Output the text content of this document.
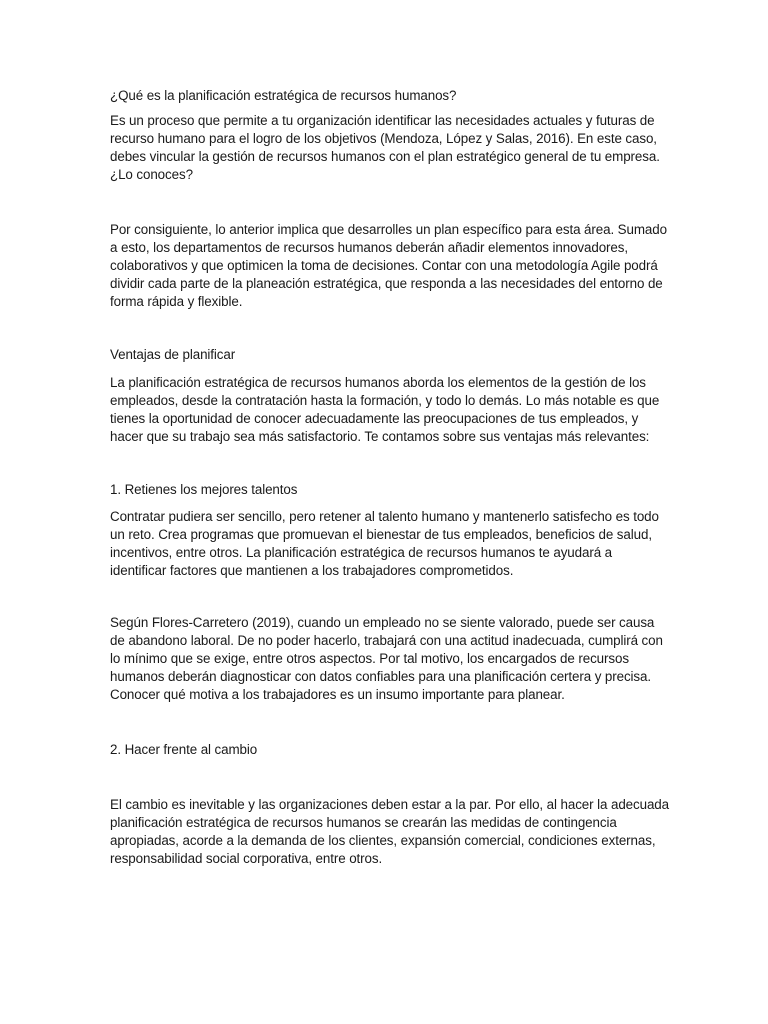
¿Qué es la planificación estratégica de recursos humanos?

Es un proceso que permite a tu organización identificar las necesidades actuales y futuras de recurso humano para el logro de los objetivos (Mendoza, López y Salas, 2016). En este caso, debes vincular la gestión de recursos humanos con el plan estratégico general de tu empresa. ¿Lo conoces?

Por consiguiente, lo anterior implica que desarrolles un plan específico para esta área. Sumado a esto, los departamentos de recursos humanos deberán añadir elementos innovadores, colaborativos y que optimicen la toma de decisiones. Contar con una metodología Agile podrá dividir cada parte de la planeación estratégica, que responda a las necesidades del entorno de forma rápida y flexible.

Ventajas de planificar

La planificación estratégica de recursos humanos aborda los elementos de la gestión de los empleados, desde la contratación hasta la formación, y todo lo demás. Lo más notable es que tienes la oportunidad de conocer adecuadamente las preocupaciones de tus empleados, y hacer que su trabajo sea más satisfactorio. Te contamos sobre sus ventajas más relevantes:

1. Retienes los mejores talentos

Contratar pudiera ser sencillo, pero retener al talento humano y mantenerlo satisfecho es todo un reto. Crea programas que promuevan el bienestar de tus empleados, beneficios de salud, incentivos, entre otros. La planificación estratégica de recursos humanos te ayudará a identificar factores que mantienen a los trabajadores comprometidos.

Según Flores-Carretero (2019), cuando un empleado no se siente valorado, puede ser causa de abandono laboral. De no poder hacerlo, trabajará con una actitud inadecuada, cumplirá con lo mínimo que se exige, entre otros aspectos. Por tal motivo, los encargados de recursos humanos deberán diagnosticar con datos confiables para una planificación certera y precisa. Conocer qué motiva a los trabajadores es un insumo importante para planear.

2. Hacer frente al cambio

El cambio es inevitable y las organizaciones deben estar a la par. Por ello, al hacer la adecuada planificación estratégica de recursos humanos se crearán las medidas de contingencia apropiadas, acorde a la demanda de los clientes, expansión comercial, condiciones externas, responsabilidad social corporativa, entre otros.
